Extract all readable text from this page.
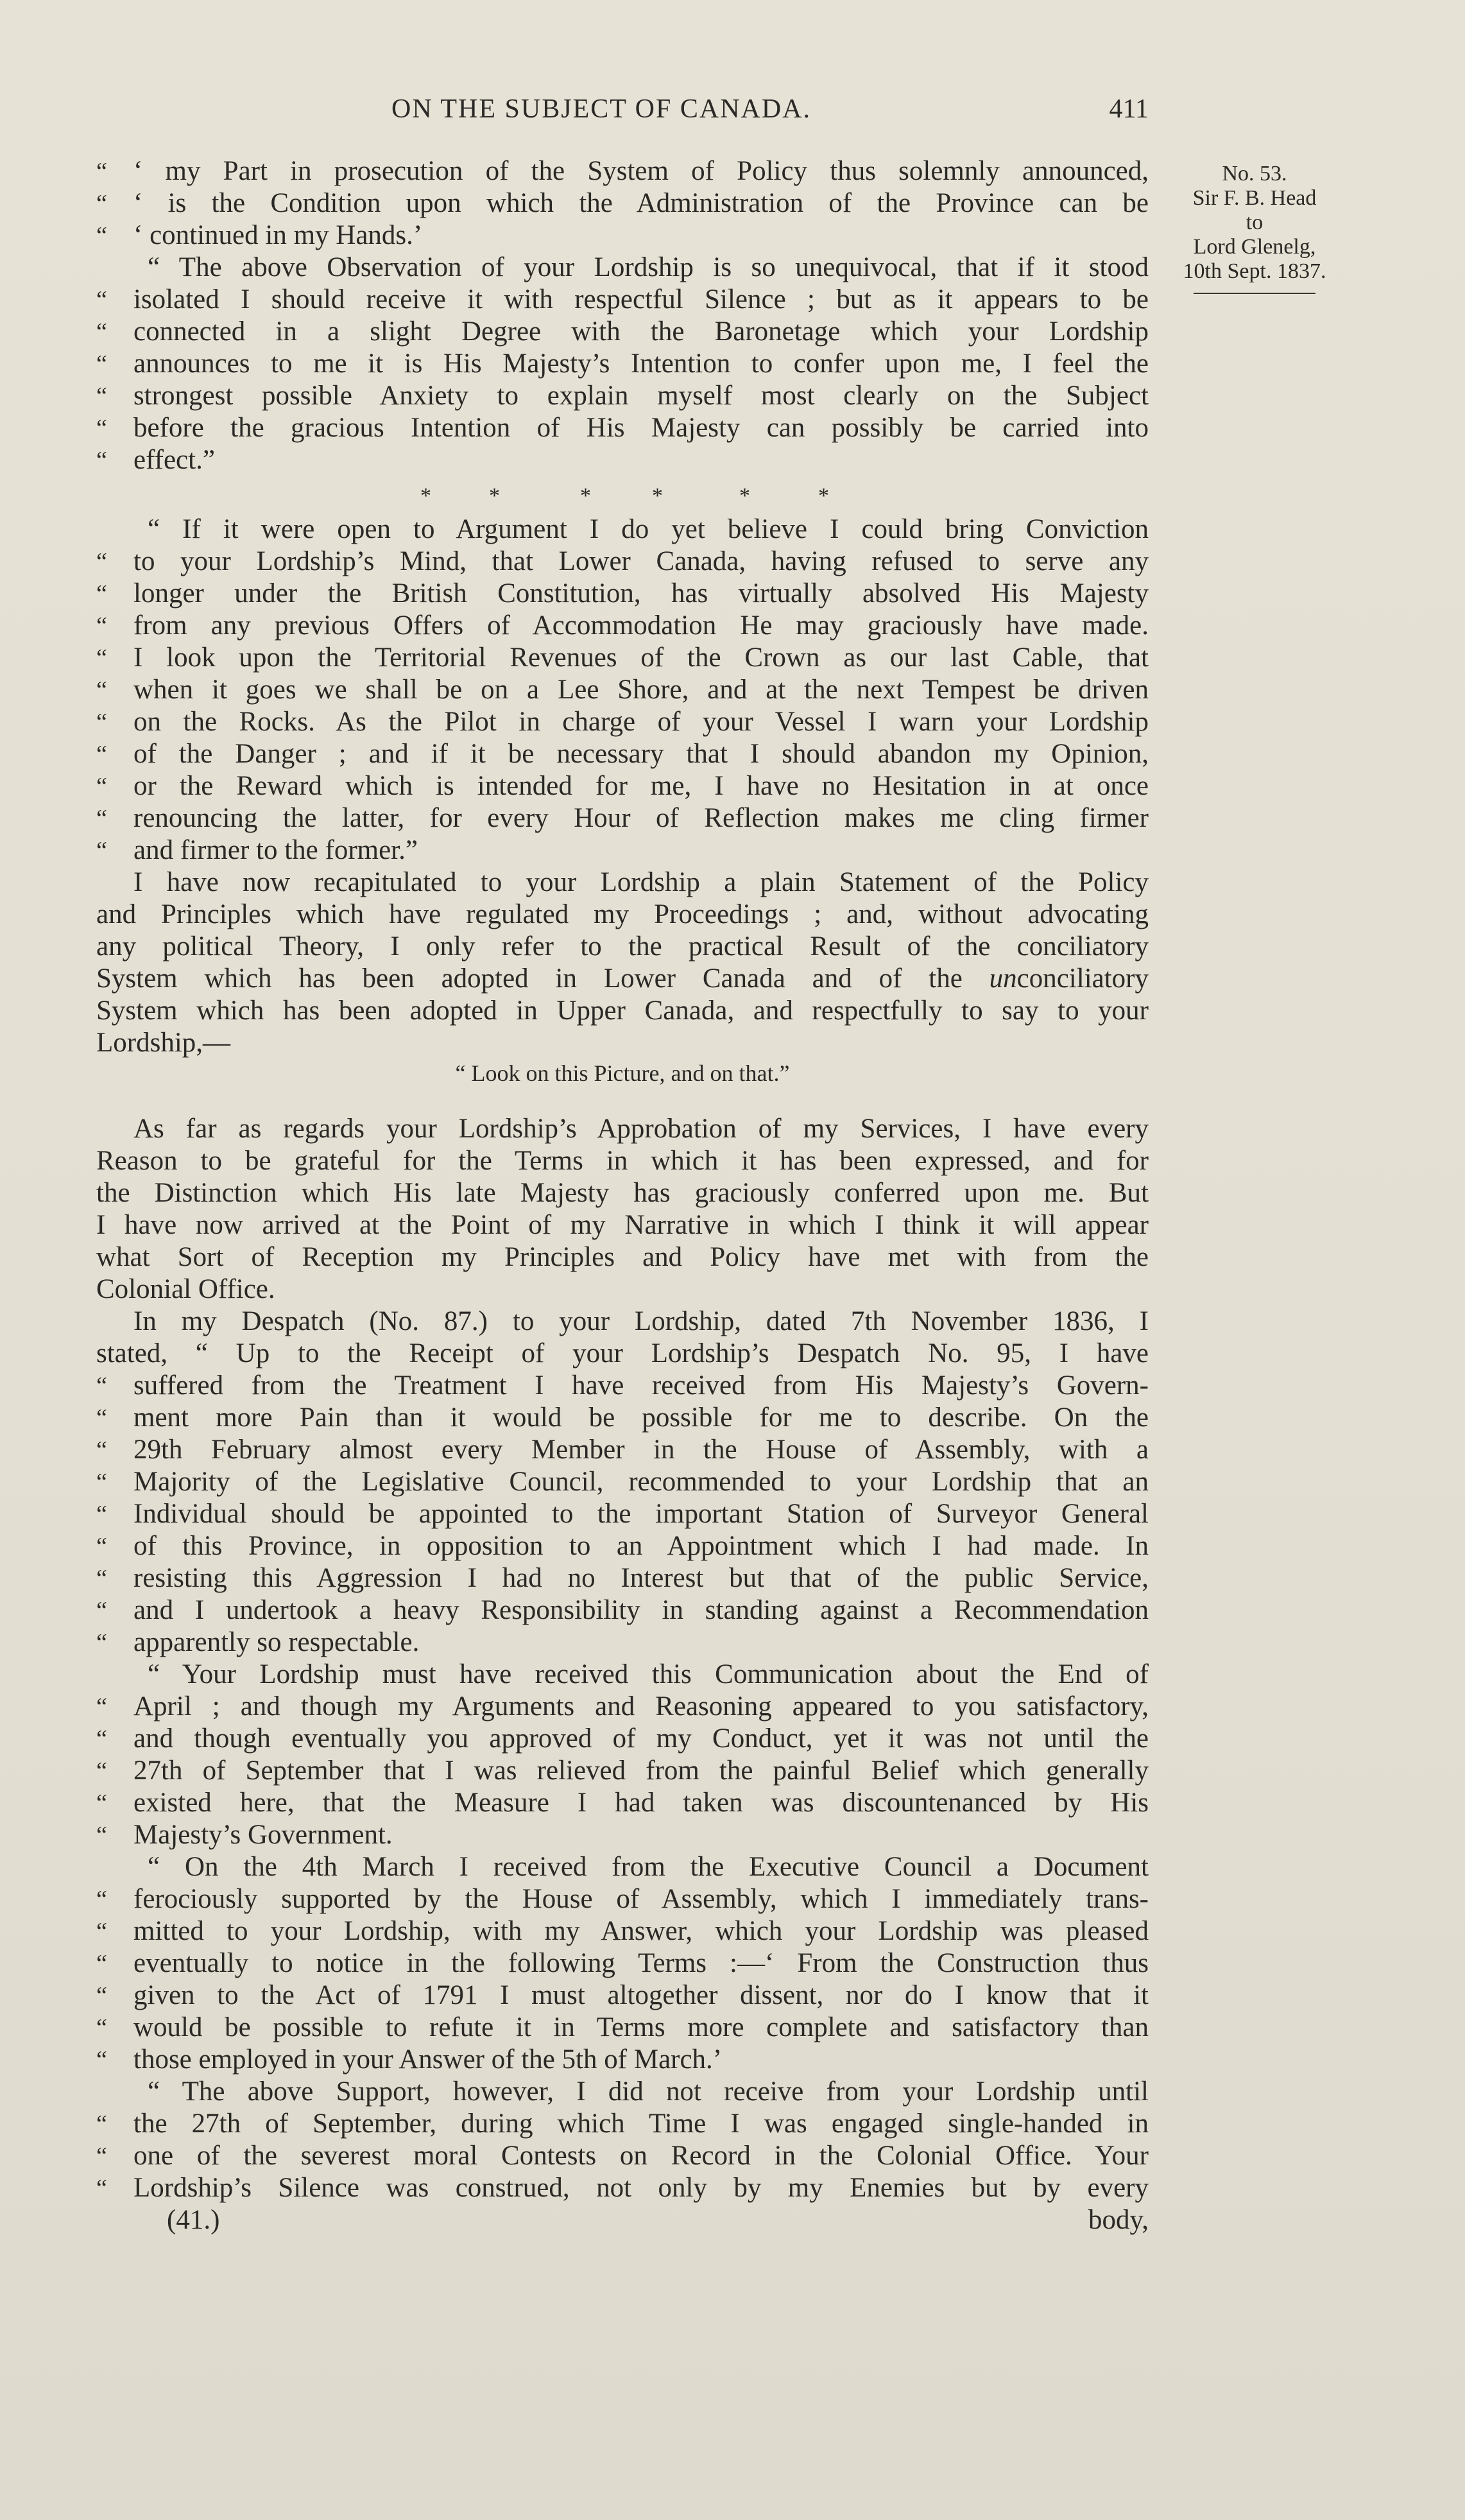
ON THE SUBJECT OF CANADA.	411
No. 53.
Sir F. B. Head
to
Lord Glenelg,
10th Sept. 1837.
“ ‘ my Part in prosecution of the System of Policy thus solemnly announced,
“ ‘ is the Condition upon which the Administration of the Province can be
“ ‘ continued in my Hands.’
“ The above Observation of your Lordship is so unequivocal, that if it stood
“ isolated I should receive it with respectful Silence ; but as it appears to be
“ connected in a slight Degree with the Baronetage which your Lordship
“ announces to me it is His Majesty’s Intention to confer upon me, I feel the
“ strongest possible Anxiety to explain myself most clearly on the Subject
“ before the gracious Intention of His Majesty can possibly be carried into
“ effect.”
*	*	*	*	*	*
“ If it were open to Argument I do yet believe I could bring Conviction
“ to your Lordship’s Mind, that Lower Canada, having refused to serve any
“ longer under the British Constitution, has virtually absolved His Majesty
“ from any previous Offers of Accommodation He may graciously have made.
“ I look upon the Territorial Revenues of the Crown as our last Cable, that
“ when it goes we shall be on a Lee Shore, and at the next Tempest be driven
“ on the Rocks. As the Pilot in charge of your Vessel I warn your Lordship
“ of the Danger ; and if it be necessary that I should abandon my Opinion,
“ or the Reward which is intended for me, I have no Hesitation in at once
“ renouncing the latter, for every Hour of Reflection makes me cling firmer
“ and firmer to the former.”
I have now recapitulated to your Lordship a plain Statement of the Policy
and Principles which have regulated my Proceedings ; and, without advocating
any political Theory, I only refer to the practical Result of the conciliatory
System which has been adopted in Lower Canada and of the unconciliatory
System which has been adopted in Upper Canada, and respectfully to say to your
Lordship,—
“ Look on this Picture, and on that.”
As far as regards your Lordship’s Approbation of my Services, I have every
Reason to be grateful for the Terms in which it has been expressed, and for
the Distinction which His late Majesty has graciously conferred upon me. But
I have now arrived at the Point of my Narrative in which I think it will appear
what Sort of Reception my Principles and Policy have met with from the
Colonial Office.
In my Despatch (No. 87.) to your Lordship, dated 7th November 1836, I
stated, “ Up to the Receipt of your Lordship’s Despatch No. 95, I have
“ suffered from the Treatment I have received from His Majesty’s Govern-
“ ment more Pain than it would be possible for me to describe. On the
“ 29th February almost every Member in the House of Assembly, with a
“ Majority of the Legislative Council, recommended to your Lordship that an
“ Individual should be appointed to the important Station of Surveyor General
“ of this Province, in opposition to an Appointment which I had made. In
“ resisting this Aggression I had no Interest but that of the public Service,
“ and I undertook a heavy Responsibility in standing against a Recommendation
“ apparently so respectable.
“ Your Lordship must have received this Communication about the End of
“ April ; and though my Arguments and Reasoning appeared to you satisfactory,
“ and though eventually you approved of my Conduct, yet it was not until the
“ 27th of September that I was relieved from the painful Belief which generally
“ existed here, that the Measure I had taken was discountenanced by His
“ Majesty’s Government.
“ On the 4th March I received from the Executive Council a Document
“ ferociously supported by the House of Assembly, which I immediately trans-
“ mitted to your Lordship, with my Answer, which your Lordship was pleased
“ eventually to notice in the following Terms :—‘ From the Construction thus
“ given to the Act of 1791 I must altogether dissent, nor do I know that it
“ would be possible to refute it in Terms more complete and satisfactory than
“ those employed in your Answer of the 5th of March.’
“ The above Support, however, I did not receive from your Lordship until
“ the 27th of September, during which Time I was engaged single-handed in
“ one of the severest moral Contests on Record in the Colonial Office. Your
“ Lordship’s Silence was construed, not only by my Enemies but by every
(41.)	body,
